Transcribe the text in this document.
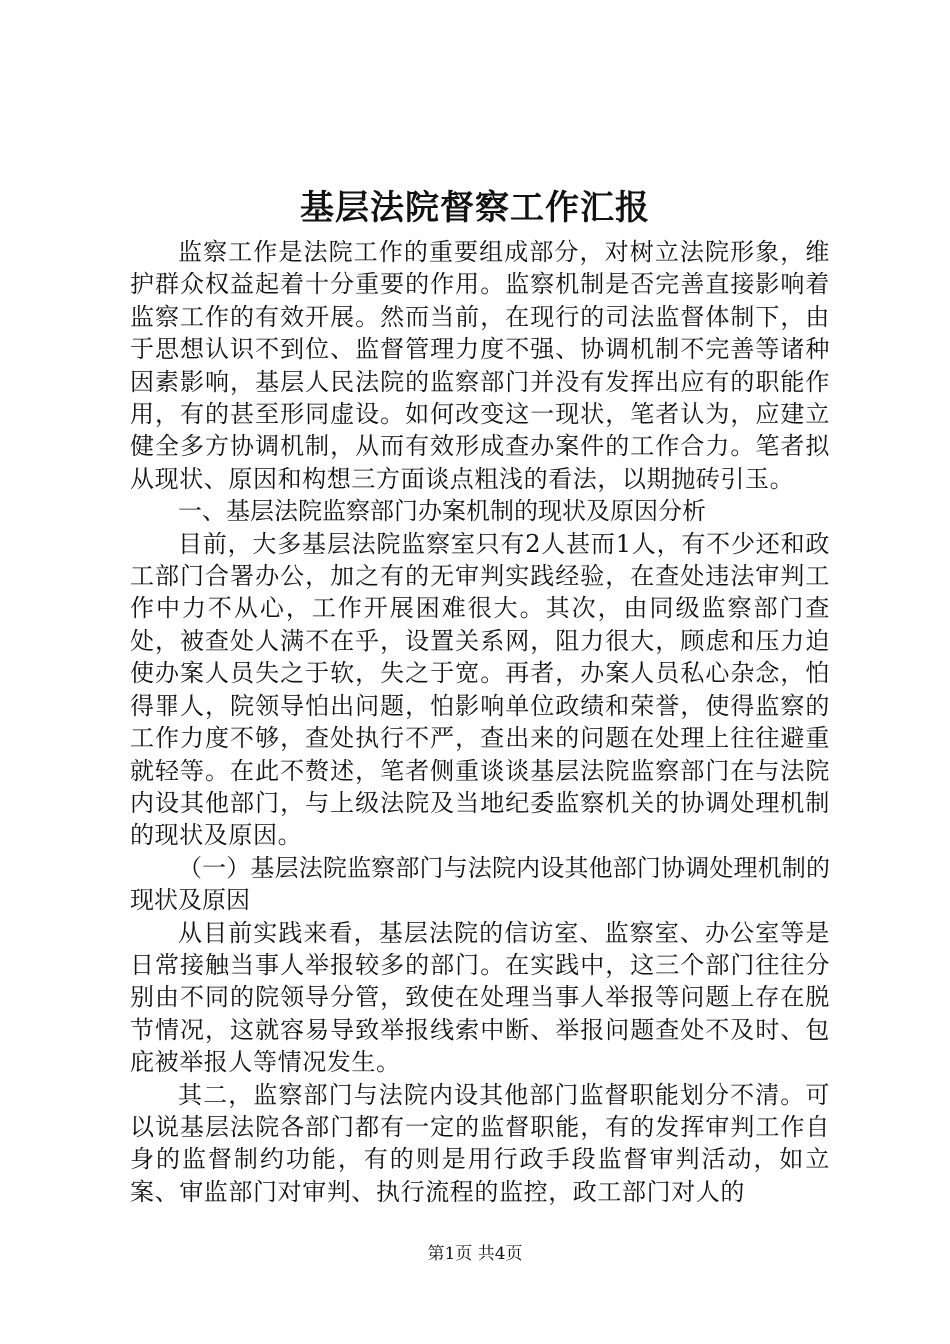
基层法院督察工作汇报

监察工作是法院工作的重要组成部分，对树立法院形象，维护群众权益起着十分重要的作用。监察机制是否完善直接影响着监察工作的有效开展。然而当前，在现行的司法监督体制下，由于思想认识不到位、监督管理力度不强、协调机制不完善等诸种因素影响，基层人民法院的监察部门并没有发挥出应有的职能作用，有的甚至形同虚设。如何改变这一现状，笔者认为，应建立健全多方协调机制，从而有效形成查办案件的工作合力。笔者拟从现状、原因和构想三方面谈点粗浅的看法，以期抛砖引玉。

一、基层法院监察部门办案机制的现状及原因分析

目前，大多基层法院监察室只有2人甚而1人，有不少还和政工部门合署办公，加之有的无审判实践经验，在查处违法审判工作中力不从心，工作开展困难很大。其次，由同级监察部门查处，被查处人满不在乎，设置关系网，阻力很大，顾虑和压力迫使办案人员失之于软，失之于宽。再者，办案人员私心杂念，怕得罪人，院领导怕出问题，怕影响单位政绩和荣誉，使得监察的工作力度不够，查处执行不严，查出来的问题在处理上往往避重就轻等。在此不赘述，笔者侧重谈谈基层法院监察部门在与法院内设其他部门，与上级法院及当地纪委监察机关的协调处理机制的现状及原因。

（一）基层法院监察部门与法院内设其他部门协调处理机制的现状及原因

从目前实践来看，基层法院的信访室、监察室、办公室等是日常接触当事人举报较多的部门。在实践中，这三个部门往往分别由不同的院领导分管，致使在处理当事人举报等问题上存在脱节情况，这就容易导致举报线索中断、举报问题查处不及时、包庇被举报人等情况发生。

其二，监察部门与法院内设其他部门监督职能划分不清。可以说基层法院各部门都有一定的监督职能，有的发挥审判工作自身的监督制约功能，有的则是用行政手段监督审判活动，如立案、审监部门对审判、执行流程的监控，政工部门对人的

第1页 共4页
